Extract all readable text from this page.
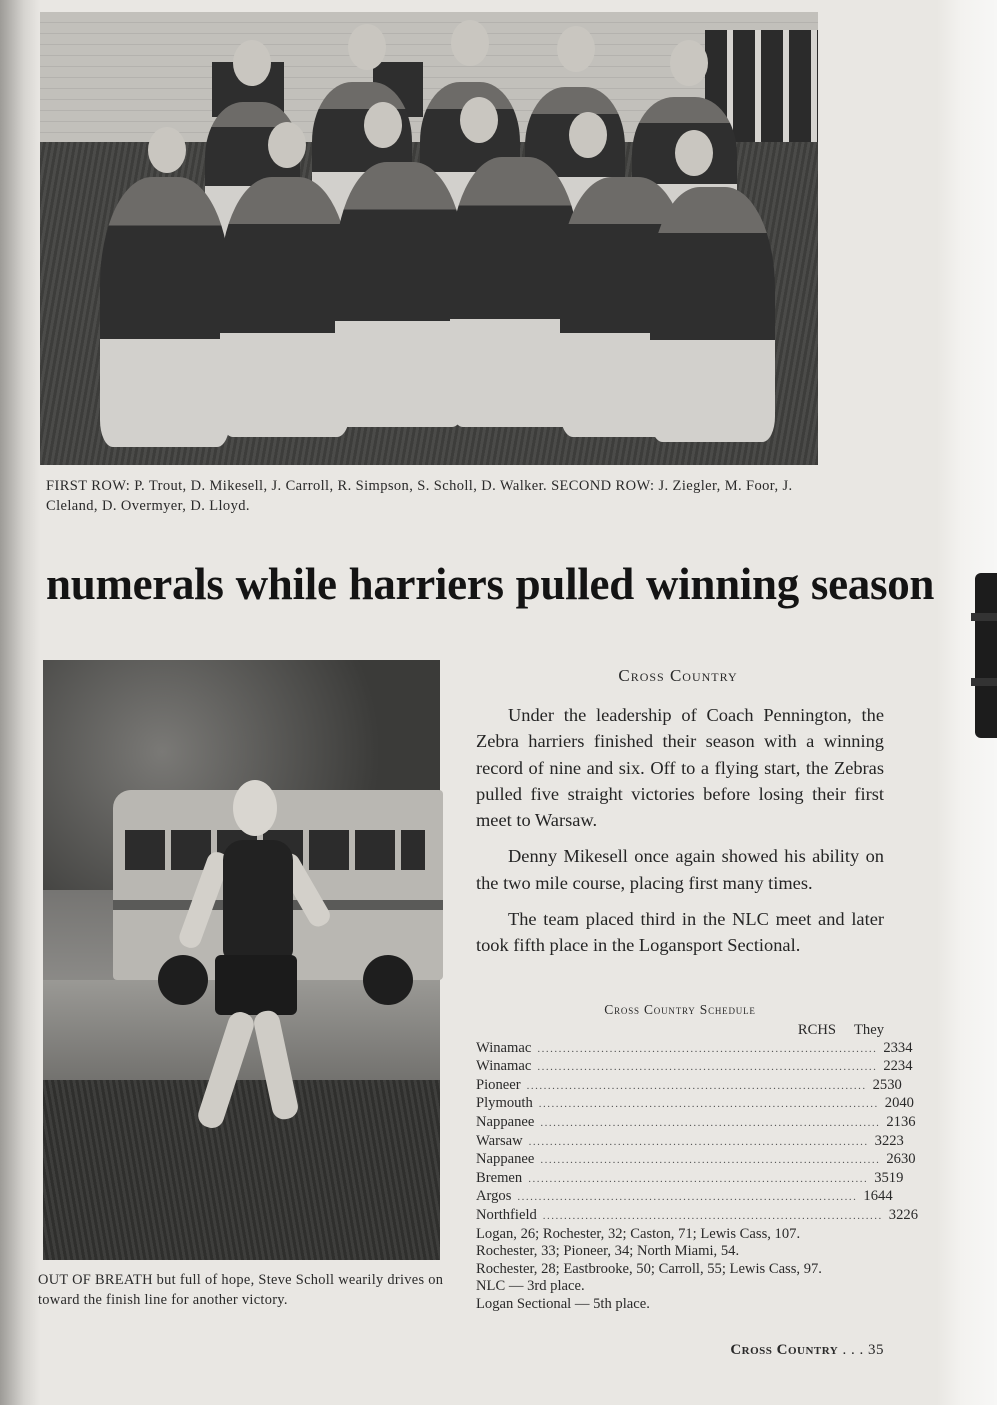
FIRST ROW: P. Trout, D. Mikesell, J. Carroll, R. Simpson, S. Scholl, D. Walker. SECOND ROW: J. Ziegler, M. Foor, J. Cleland, D. Overmyer, D. Lloyd.
numerals while harriers pulled winning season
OUT OF BREATH but full of hope, Steve Scholl wearily drives on toward the finish line for another victory.
Cross Country

Under the leadership of Coach Pennington, the Zebra harriers finished their season with a winning record of nine and six. Off to a flying start, the Zebras pulled five straight victories before losing their first meet to Warsaw.

Denny Mikesell once again showed his ability on the two mile course, placing first many times.

The team placed third in the NLC meet and later took fifth place in the Logansport Sectional.

Cross Country Schedule
RCHS	They
Winamac ................................................................................ 23 34
Winamac ................................................................................ 22 34
Pioneer ................................................................................ 25 30
Plymouth ................................................................................ 20 40
Nappanee ................................................................................ 21 36
Warsaw ................................................................................ 32 23
Nappanee ................................................................................ 26 30
Bremen ................................................................................ 35 19
Argos ................................................................................ 16 44
Northfield ................................................................................ 32 26
Logan, 26; Rochester, 32; Caston, 71; Lewis Cass, 107.
Rochester, 33; Pioneer, 34; North Miami, 54.
Rochester, 28; Eastbrooke, 50; Carroll, 55; Lewis Cass, 97.
NLC — 3rd place.
Logan Sectional — 5th place.
Cross Country . . . 35
